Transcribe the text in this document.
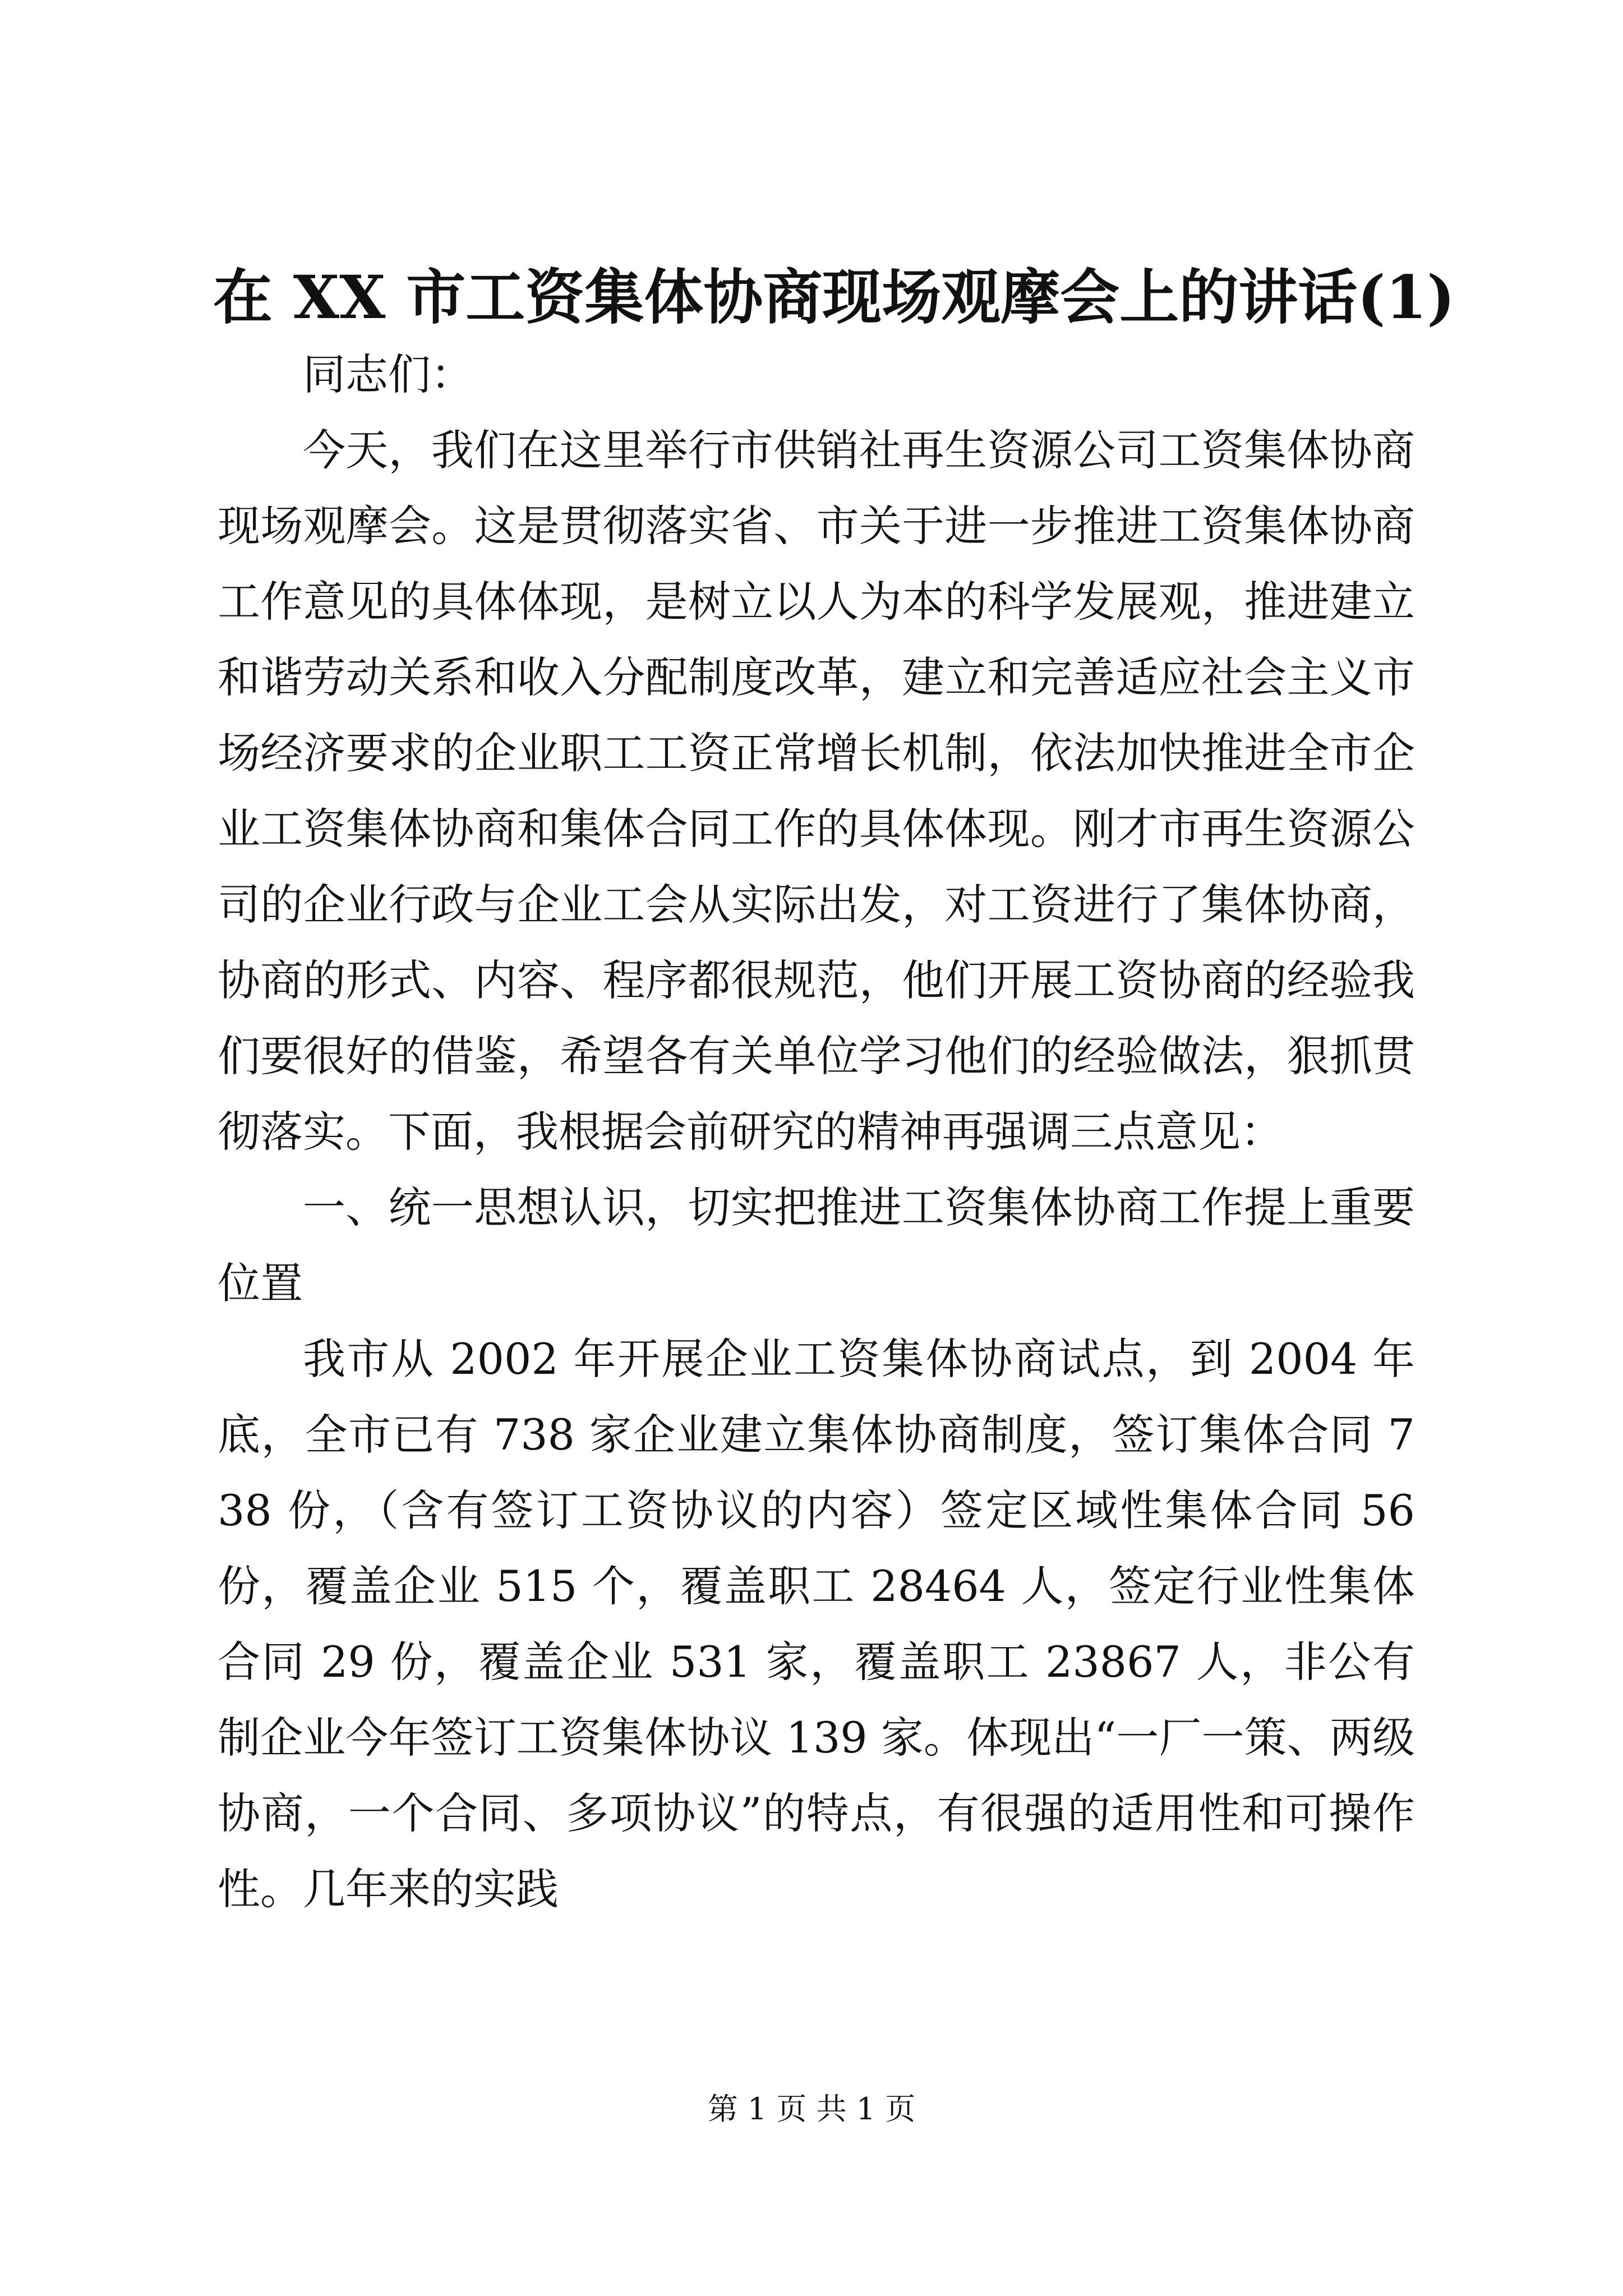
在 XX 市工资集体协商现场观摩会上的讲话(1)

同志们：

今天，我们在这里举行市供销社再生资源公司工资集体协商现场观摩会。这是贯彻落实省、市关于进一步推进工资集体协商工作意见的具体体现，是树立以人为本的科学发展观，推进建立和谐劳动关系和收入分配制度改革，建立和完善适应社会主义市场经济要求的企业职工工资正常增长机制，依法加快推进全市企业工资集体协商和集体合同工作的具体体现。刚才市再生资源公司的企业行政与企业工会从实际出发，对工资进行了集体协商，协商的形式、内容、程序都很规范，他们开展工资协商的经验我们要很好的借鉴，希望各有关单位学习他们的经验做法，狠抓贯彻落实。下面，我根据会前研究的精神再强调三点意见：

一、统一思想认识，切实把推进工资集体协商工作提上重要位置

我市从 2002 年开展企业工资集体协商试点，到 2004 年底，全市已有 738 家企业建立集体协商制度，签订集体合同 738 份，（含有签订工资协议的内容）签定区域性集体合同 56 份，覆盖企业 515 个，覆盖职工 28464 人，签定行业性集体合同 29 份，覆盖企业 531 家，覆盖职工 23867 人，非公有制企业今年签订工资集体协议 139 家。体现出“一厂一策、两级协商，一个合同、多项协议”的特点，有很强的适用性和可操作性。几年来的实践

第 1 页 共 1 页
